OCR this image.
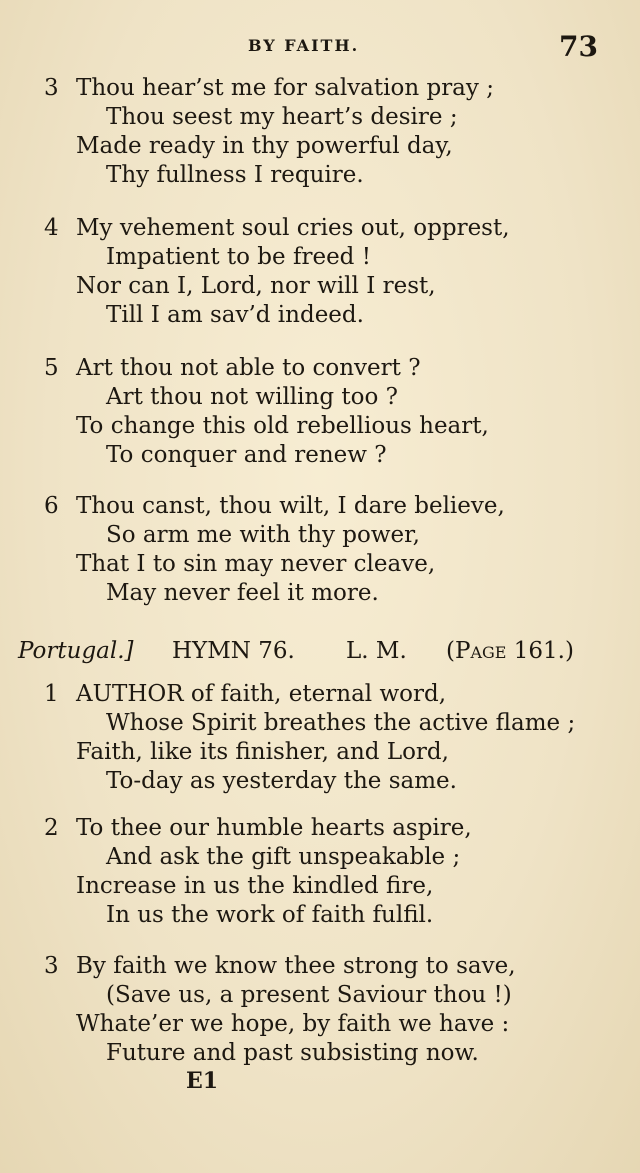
BY FAITH.	73
3 Thou hear’st me for salvation pray ;
Thou seest my heart’s desire ;
Made ready in thy powerful day,
Thy fullness I require.
4 My vehement soul cries out, opprest,
Impatient to be freed !
Nor can I, Lord, nor will I rest,
Till I am sav’d indeed.
5 Art thou not able to convert ?
Art thou not willing too ?
To change this old rebellious heart,
To conquer and renew ?
6 Thou canst, thou wilt, I dare believe,
So arm me with thy power,
That I to sin may never cleave,
May never feel it more.
Portugal.] HYMN 76. L. M. (Page 161.)
1 AUTHOR of faith, eternal word,
Whose Spirit breathes the active flame ;
Faith, like its finisher, and Lord,
To-day as yesterday the same.
2 To thee our humble hearts aspire,
And ask the gift unspeakable ;
Increase in us the kindled fire,
In us the work of faith fulfil.
3 By faith we know thee strong to save,
(Save us, a present Saviour thou !)
Whate’er we hope, by faith we have :
Future and past subsisting now.
E1
